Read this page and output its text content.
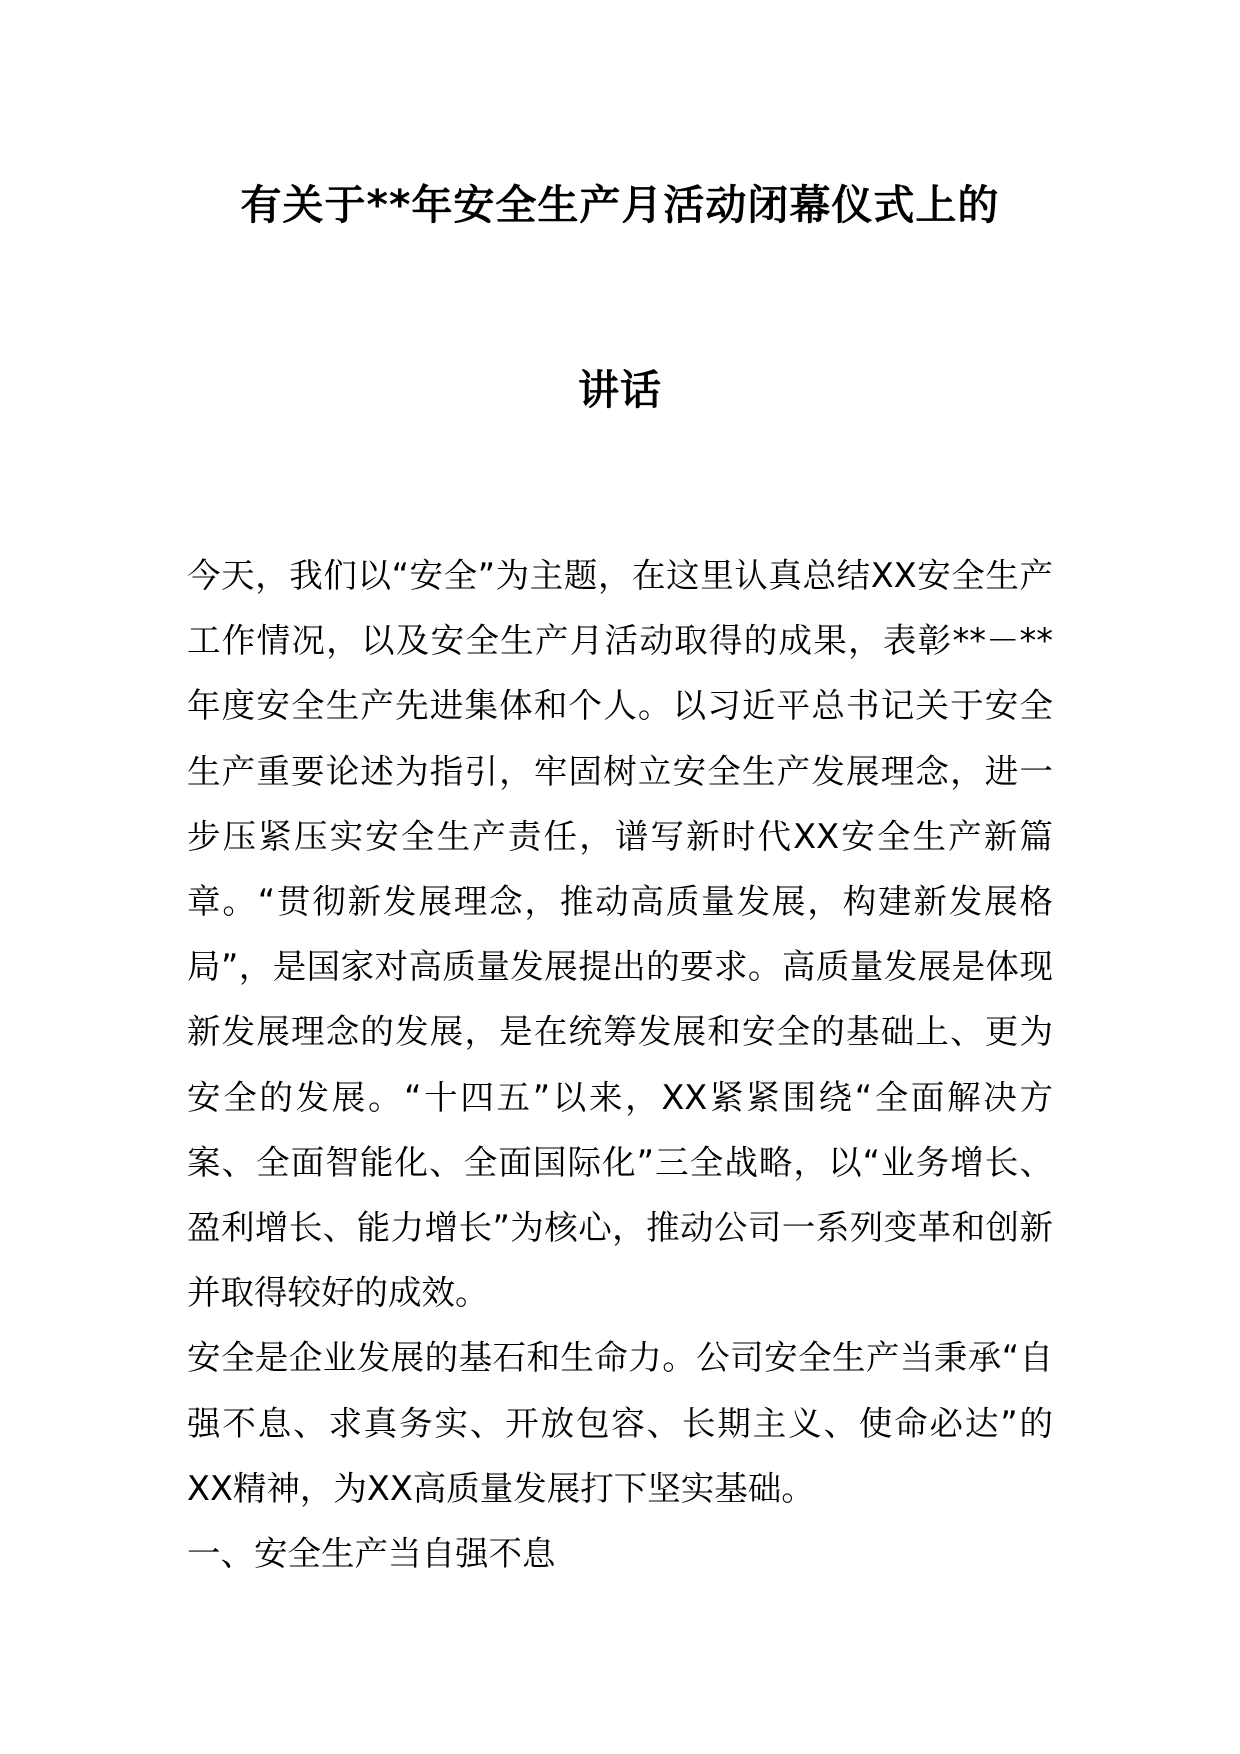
有关于**年安全生产月活动闭幕仪式上的
讲话

今天，我们以“安全”为主题，在这里认真总结XX安全生产工作情况，以及安全生产月活动取得的成果，表彰**－**年度安全生产先进集体和个人。以习近平总书记关于安全生产重要论述为指引，牢固树立安全生产发展理念，进一步压紧压实安全生产责任，谱写新时代XX安全生产新篇章。“贯彻新发展理念，推动高质量发展，构建新发展格局”，是国家对高质量发展提出的要求。高质量发展是体现新发展理念的发展，是在统筹发展和安全的基础上、更为安全的发展。“十四五”以来，XX紧紧围绕“全面解决方案、全面智能化、全面国际化”三全战略，以“业务增长、盈利增长、能力增长”为核心，推动公司一系列变革和创新并取得较好的成效。

安全是企业发展的基石和生命力。公司安全生产当秉承“自强不息、求真务实、开放包容、长期主义、使命必达”的XX精神，为XX高质量发展打下坚实基础。

一、安全生产当自强不息
